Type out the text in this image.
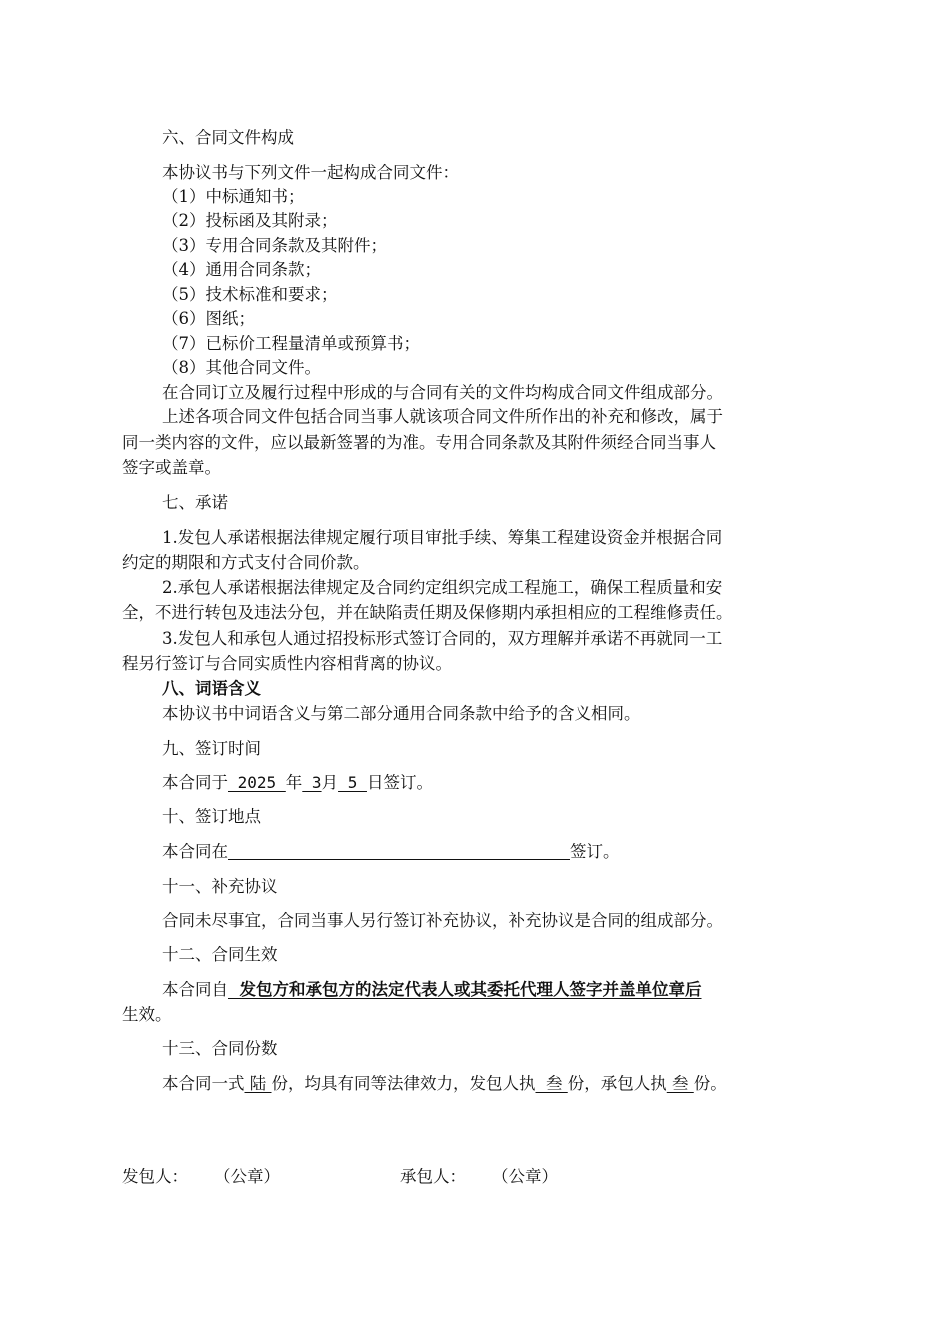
六、合同文件构成
本协议书与下列文件一起构成合同文件：
（1）中标通知书；
（2）投标函及其附录；
（3）专用合同条款及其附件；
（4）通用合同条款；
（5）技术标准和要求；
（6）图纸；
（7）已标价工程量清单或预算书；
（8）其他合同文件。
在合同订立及履行过程中形成的与合同有关的文件均构成合同文件组成部分。
上述各项合同文件包括合同当事人就该项合同文件所作出的补充和修改，属于
同一类内容的文件，应以最新签署的为准。专用合同条款及其附件须经合同当事人
签字或盖章。
七、承诺
1.发包人承诺根据法律规定履行项目审批手续、筹集工程建设资金并根据合同
约定的期限和方式支付合同价款。
2.承包人承诺根据法律规定及合同约定组织完成工程施工，确保工程质量和安
全，不进行转包及违法分包，并在缺陷责任期及保修期内承担相应的工程维修责任。
3.发包人和承包人通过招投标形式签订合同的，双方理解并承诺不再就同一工
程另行签订与合同实质性内容相背离的协议。
八、词语含义
本协议书中词语含义与第二部分通用合同条款中给予的含义相同。
九、签订时间
本合同于 2025 年 3月 5 日签订。
十、签订地点
本合同在	签订。
十一、补充协议
合同未尽事宜，合同当事人另行签订补充协议，补充协议是合同的组成部分。
十二、合同生效
本合同自  发包方和承包方的法定代表人或其委托代理人签字并盖单位章后
生效。
十三、合同份数
本合同一式 陆 份，均具有同等法律效力，发包人执  叁 份，承包人执 叁 份。
发包人： （公章）	承包人： （公章）
